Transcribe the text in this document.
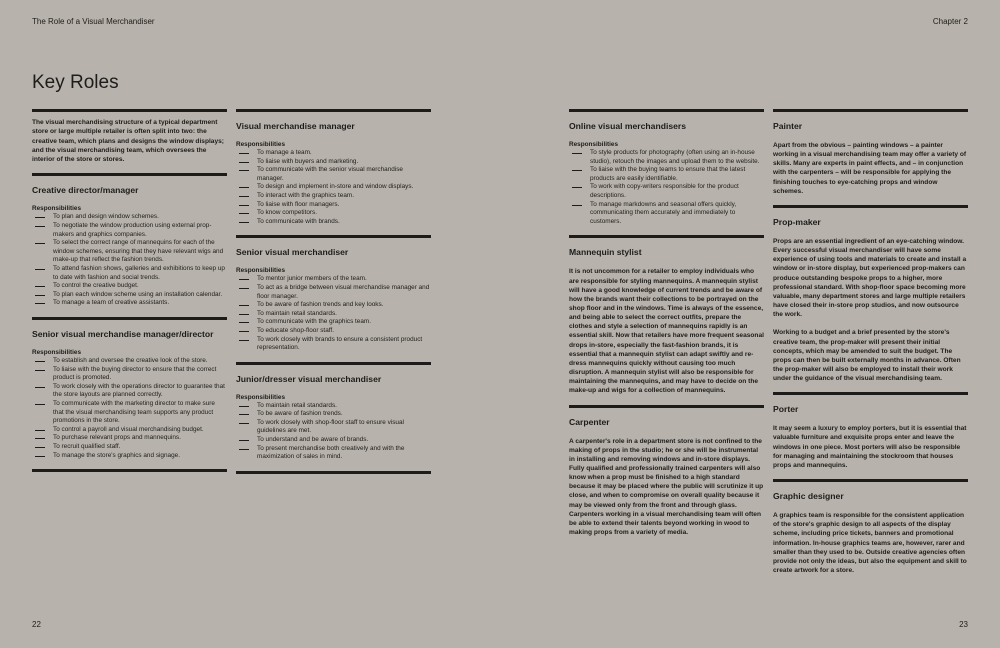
The Role of a Visual Merchandiser	Chapter 2
Key Roles
The visual merchandising structure of a typical department store or large multiple retailer is often split into two: the creative team, which plans and designs the window displays; and the visual merchandising team, which oversees the interior of the store or stores.
Creative director/manager
Responsibilities
To plan and design window schemes.
To negotiate the window production using external prop-makers and graphics companies.
To select the correct range of mannequins for each of the window schemes, ensuring that they have relevant wigs and make-up that reflect the fashion trends.
To attend fashion shows, galleries and exhibitions to keep up to date with fashion and social trends.
To control the creative budget.
To plan each window scheme using an installation calendar.
To manage a team of creative assistants.
Senior visual merchandise manager/director
Responsibilities
To establish and oversee the creative look of the store.
To liaise with the buying director to ensure that the correct product is promoted.
To work closely with the operations director to guarantee that the store layouts are planned correctly.
To communicate with the marketing director to make sure that the visual merchandising team supports any product promotions in the store.
To control a payroll and visual merchandising budget.
To purchase relevant props and mannequins.
To recruit qualified staff.
To manage the store's graphics and signage.
Visual merchandise manager
Responsibilities
To manage a team.
To liaise with buyers and marketing.
To communicate with the senior visual merchandise manager.
To design and implement in-store and window displays.
To interact with the graphics team.
To liaise with floor managers.
To know competitors.
To communicate with brands.
Senior visual merchandiser
Responsibilities
To mentor junior members of the team.
To act as a bridge between visual merchandise manager and floor manager.
To be aware of fashion trends and key looks.
To maintain retail standards.
To communicate with the graphics team.
To educate shop-floor staff.
To work closely with brands to ensure a consistent product representation.
Junior/dresser visual merchandiser
Responsibilities
To maintain retail standards.
To be aware of fashion trends.
To work closely with shop-floor staff to ensure visual guidelines are met.
To understand and be aware of brands.
To present merchandise both creatively and with the maximization of sales in mind.
Online visual merchandisers
Responsibilities
To style products for photography (often using an in-house studio), retouch the images and upload them to the website.
To liaise with the buying teams to ensure that the latest products are easily identifiable.
To work with copy-writers responsible for the product descriptions.
To manage markdowns and seasonal offers quickly, communicating them accurately and immediately to customers.
Mannequin stylist
It is not uncommon for a retailer to employ individuals who are responsible for styling mannequins. A mannequin stylist will have a good knowledge of current trends and be aware of how the brands want their collections to be portrayed on the shop floor and in the windows. Time is always of the essence, and being able to select the correct outfits, prepare the clothes and style a selection of mannequins rapidly is an essential skill. Now that retailers have more frequent seasonal drops in-store, especially the fast-fashion brands, it is essential that a mannequin stylist can adapt swiftly and re-dress mannequins quickly without causing too much disruption. A mannequin stylist will also be responsible for maintaining the mannequins, and may have to decide on the make-up and wigs for a collection of mannequins.
Carpenter
A carpenter's role in a department store is not confined to the making of props in the studio; he or she will be instrumental in installing and removing windows and in-store displays. Fully qualified and professionally trained carpenters will also know when a prop must be finished to a high standard because it may be placed where the public will scrutinize it up close, and when to compromise on overall quality because it may be viewed only from the front and through glass. Carpenters working in a visual merchandising team will often be able to extend their talents beyond working in wood to making props from a variety of media.
Painter
Apart from the obvious – painting windows – a painter working in a visual merchandising team may offer a variety of skills. Many are experts in paint effects, and – in conjunction with the carpenters – will be responsible for applying the finishing touches to eye-catching props and window schemes.
Prop-maker
Props are an essential ingredient of an eye-catching window. Every successful visual merchandiser will have some experience of using tools and materials to create and install a window or in-store display, but experienced prop-makers can produce outstanding bespoke props to a higher, more professional standard. With shop-floor space becoming more valuable, many department stores and large multiple retailers have closed their in-store prop studios, and now outsource the work.
Working to a budget and a brief presented by the store's creative team, the prop-maker will present their initial concepts, which may be amended to suit the budget. The props can then be built externally months in advance. Often the prop-maker will also be employed to install their work under the guidance of the visual merchandising team.
Porter
It may seem a luxury to employ porters, but it is essential that valuable furniture and exquisite props enter and leave the windows in one piece. Most porters will also be responsible for managing and maintaining the stockroom that houses props and mannequins.
Graphic designer
A graphics team is responsible for the consistent application of the store's graphic design to all aspects of the display scheme, including price tickets, banners and promotional information. In-house graphics teams are, however, rarer and smaller than they used to be. Outside creative agencies often provide not only the ideas, but also the equipment and skill to create artwork for a store.
22	23
